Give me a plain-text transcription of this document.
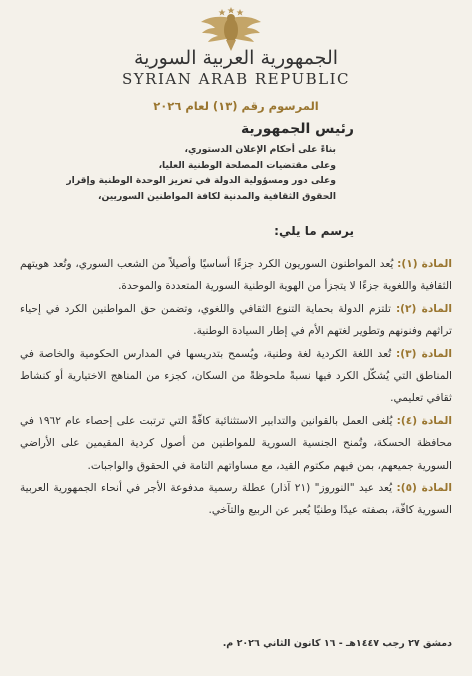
الجمهورية العربية السورية
SYRIAN ARAB REPUBLIC
المرسوم رقم (١٣) لعام ٢٠٢٦
رئيس الجمهورية

بناءً على أحكام الإعلان الدستوري،

وعلى مقتضيات المصلحة الوطنية العليا،

وعلى دور ومسؤولية الدولة في تعزيز الوحدة الوطنية وإقرار الحقوق الثقافية والمدنية لكافة المواطنين السوريين،

يرسم ما يلي:

المادة (١): يُعد المواطنون السوريون الكرد جزءًا أساسيًا وأصيلاً من الشعب السوري، وتُعد هويتهم الثقافية واللغوية جزءًا لا يتجزأ من الهوية الوطنية السورية المتعددة والموحدة.

المادة (٢): تلتزم الدولة بحماية التنوع الثقافي واللغوي، وتضمن حق المواطنين الكرد في إحياء تراثهم وفنونهم وتطوير لغتهم الأم في إطار السيادة الوطنية.

المادة (٣): تُعد اللغة الكردية لغة وطنية، ويُسمح بتدريسها في المدارس الحكومية والخاصة في المناطق التي يُشكّل الكرد فيها نسبةً ملحوظةً من السكان، كجزء من المناهج الاختيارية أو كنشاط ثقافي تعليمي.

المادة (٤): يُلغى العمل بالقوانين والتدابير الاستثنائية كافّةً التي ترتبت على إحصاء عام ١٩٦٢ في محافظة الحسكة، وتُمنح الجنسية السورية للمواطنين من أصول كردية المقيمين على الأراضي السورية جميعهم، بمن فيهم مكتوم القيد، مع مساواتهم التامة في الحقوق والواجبات.

المادة (٥): يُعد عيد "النوروز" (٢١ آذار) عطلة رسمية مدفوعة الأجر في أنحاء الجمهورية العربية السورية كافّة، بصفته عيدًا وطنيًا يُعبر عن الربيع والتآخي.

دمشق ٢٧ رجب ١٤٤٧هـ - ١٦ كانون الثاني ٢٠٢٦ م.
